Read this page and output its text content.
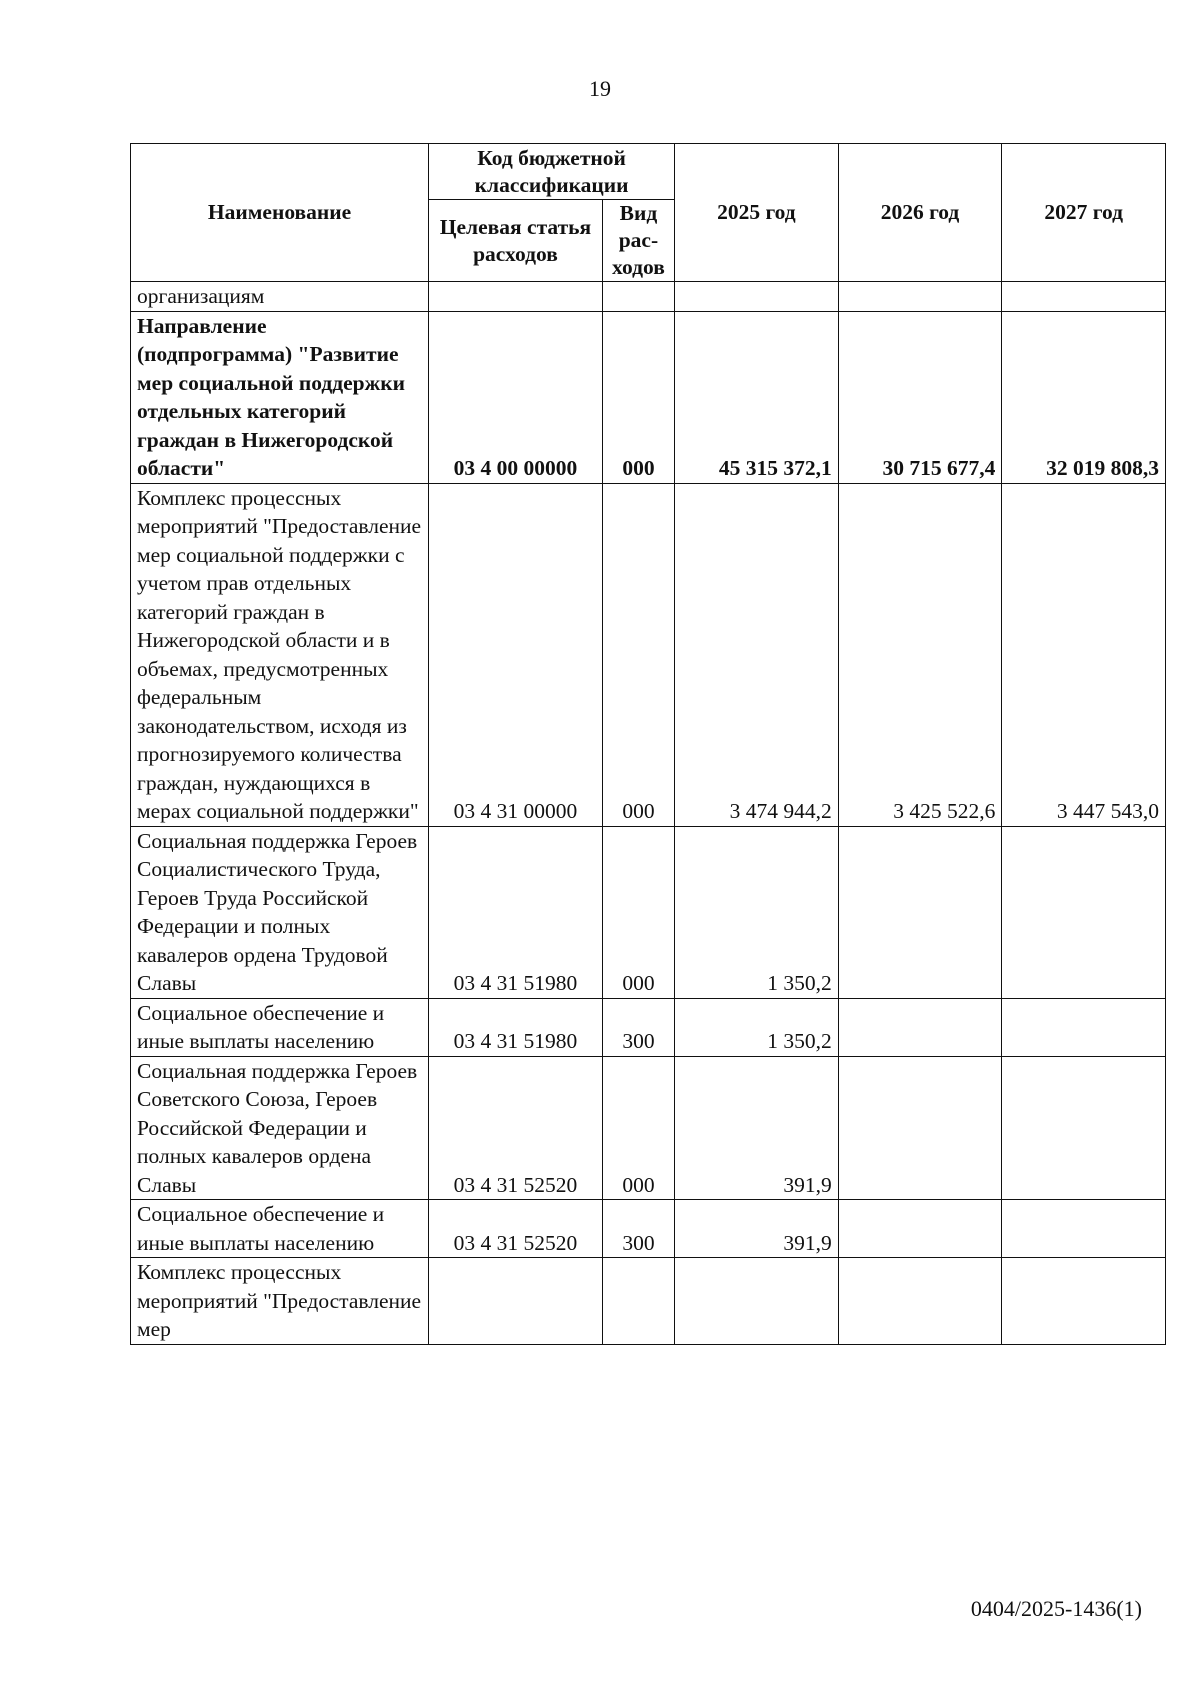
19
Наименование	Код бюджетной классификации		2025 год	2026 год	2027 год
	Целевая статья расходов	Вид рас- ходов			
организациям					
Направление (подпрограмма) "Развитие мер социальной поддержки отдельных категорий граждан в Нижегородской области"	03 4 00 00000	000	45 315 372,1	30 715 677,4	32 019 808,3
Комплекс процессных мероприятий "Предоставление мер социальной поддержки с учетом прав отдельных категорий граждан в Нижегородской области и в объемах, предусмотренных федеральным законодательством, исходя из прогнозируемого количества граждан, нуждающихся в мерах социальной поддержки"	03 4 31 00000	000	3 474 944,2	3 425 522,6	3 447 543,0
Социальная поддержка Героев Социалистического Труда, Героев Труда Российской Федерации и полных кавалеров ордена Трудовой Славы	03 4 31 51980	000	1 350,2		
Социальное обеспечение и иные выплаты населению	03 4 31 51980	300	1 350,2		
Социальная поддержка Героев Советского Союза, Героев Российской Федерации и полных кавалеров ордена Славы	03 4 31 52520	000	391,9		
Социальное обеспечение и иные выплаты населению	03 4 31 52520	300	391,9		
Комплекс процессных мероприятий "Предоставление мер					
0404/2025-1436(1)
